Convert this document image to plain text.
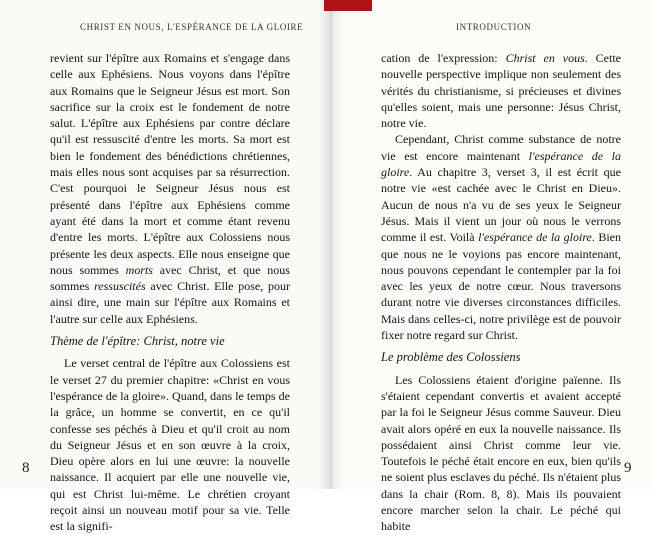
CHRIST EN NOUS, L'ESPÉRANCE DE LA GLOIRE

revient sur l'épître aux Romains et s'engage dans celle aux Ephésiens. Nous voyons dans l'épître aux Romains que le Seigneur Jésus est mort. Son sacrifice sur la croix est le fondement de notre salut. L'épître aux Ephésiens par contre déclare qu'il est ressuscité d'entre les morts. Sa mort est bien le fondement des bénédictions chrétiennes, mais elles nous sont acquises par sa résurrection. C'est pourquoi le Seigneur Jésus nous est présenté dans l'épître aux Ephésiens comme ayant été dans la mort et comme étant revenu d'entre les morts. L'épître aux Colossiens nous présente les deux aspects. Elle nous enseigne que nous sommes morts avec Christ, et que nous sommes ressuscités avec Christ. Elle pose, pour ainsi dire, une main sur l'épître aux Romains et l'autre sur celle aux Ephésiens.

Thème de l'épître: Christ, notre vie

Le verset central de l'épître aux Colossiens est le verset 27 du premier chapitre: «Christ en vous l'espérance de la gloire». Quand, dans le temps de la grâce, un homme se convertit, en ce qu'il confesse ses péchés à Dieu et qu'il croit au nom du Seigneur Jésus et en son œuvre à la croix, Dieu opère alors en lui une œuvre: la nouvelle naissance. Il acquiert par elle une nouvelle vie, qui est Christ lui-même. Le chrétien croyant reçoit ainsi un nouveau motif pour sa vie. Telle est la signifi-

8
INTRODUCTION

cation de l'expression: Christ en vous. Cette nouvelle perspective implique non seulement des vérités du christianisme, si précieuses et divines qu'elles soient, mais une personne: Jésus Christ, notre vie.

Cependant, Christ comme substance de notre vie est encore maintenant l'espérance de la gloire. Au chapitre 3, verset 3, il est écrit que notre vie «est cachée avec le Christ en Dieu». Aucun de nous n'a vu de ses yeux le Seigneur Jésus. Mais il vient un jour où nous le verrons comme il est. Voilà l'espérance de la gloire. Bien que nous ne le voyions pas encore maintenant, nous pouvons cependant le contempler par la foi avec les yeux de notre cœur. Nous traversons durant notre vie diverses circonstances difficiles. Mais dans celles-ci, notre privilège est de pouvoir fixer notre regard sur Christ.

Le problème des Colossiens

Les Colossiens étaient d'origine païenne. Ils s'étaient cependant convertis et avaient accepté par la foi le Seigneur Jésus comme Sauveur. Dieu avait alors opéré en eux la nouvelle naissance. Ils possédaient ainsi Christ comme leur vie. Toutefois le péché était encore en eux, bien qu'ils ne soient plus esclaves du péché. Ils n'étaient plus dans la chair (Rom. 8, 8). Mais ils pouvaient encore marcher selon la chair. Le péché qui habite

9
